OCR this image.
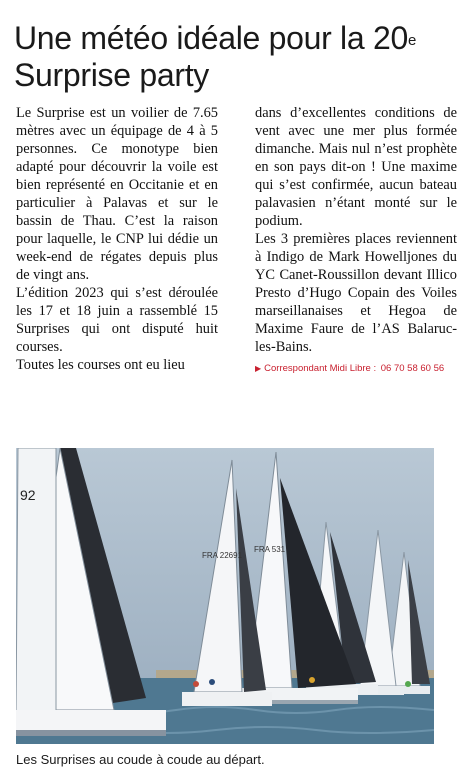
Une météo idéale pour la 20e Surprise party

Le Surprise est un voilier de 7.65 mètres avec un équipage de 4 à 5 personnes. Ce monotype bien adapté pour découvrir la voile est bien représenté en Occitanie et en particulier à Palavas et sur le bassin de Thau. C’est la raison pour laquelle, le CNP lui dédie un week-end de régates depuis plus de vingt ans.

L’édition 2023 qui s’est déroulée les 17 et 18 juin a rassemblé 15 Surprises qui ont disputé huit courses.

Toutes les courses ont eu lieu

dans d’excellentes conditions de vent avec une mer plus formée dimanche. Mais nul n’est prophète en son pays dit-on ! Une maxime qui s’est confirmée, aucun bateau palavasien n’étant monté sur le podium.

Les 3 premières places reviennent à Indigo de Mark Howelljones du YC Canet-Roussillon devant Illico Presto d’Hugo Copain des Voiles marseillanaises et Hegoa de Maxime Faure de l’AS Balaruc-les-Bains.

▶ Correspondant Midi Libre : 06 70 58 60 56
FRA 531
FRA 22691
92
Les Surprises au coude à coude au départ.
